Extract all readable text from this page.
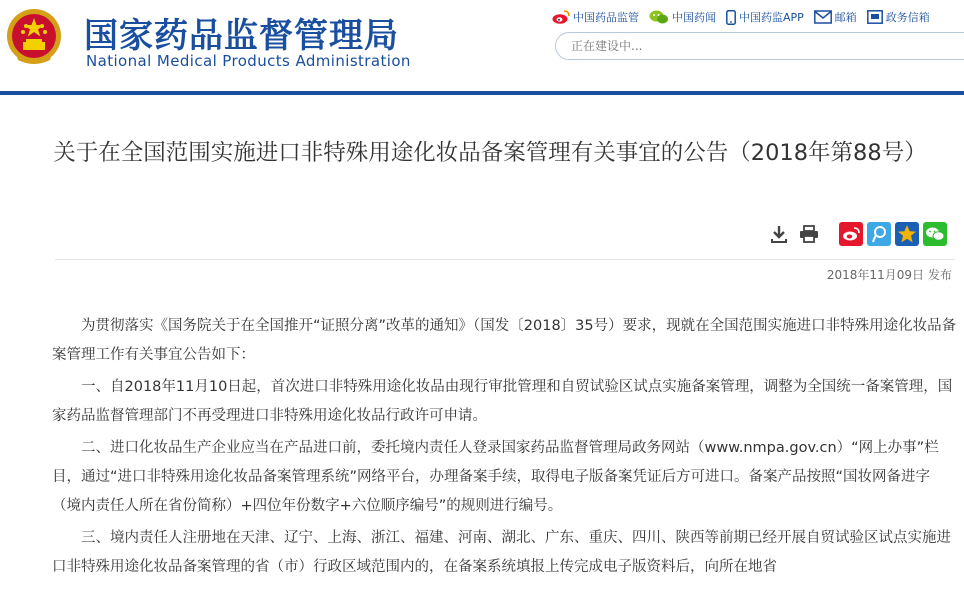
国家药品监督管理局
National Medical Products Administration
中国药品监管	中国药闻 中国药监APP	邮箱	政务信箱
正在建设中...
关于在全国范围实施进口非特殊用途化妆品备案管理有关事宜的公告（2018年第88号）
2018年11月09日 发布

为贯彻落实《国务院关于在全国推开“证照分离”改革的通知》（国发〔2018〕35号）要求，现就在全国范围实施进口非特殊用途化妆品备案管理工作有关事宜公告如下：

一、自2018年11月10日起，首次进口非特殊用途化妆品由现行审批管理和自贸试验区试点实施备案管理，调整为全国统一备案管理，国家药品监督管理部门不再受理进口非特殊用途化妆品行政许可申请。

二、进口化妆品生产企业应当在产品进口前，委托境内责任人登录国家药品监督管理局政务网站（www.nmpa.gov.cn）“网上办事”栏目，通过“进口非特殊用途化妆品备案管理系统”网络平台，办理备案手续，取得电子版备案凭证后方可进口。备案产品按照“国妆网备进字（境内责任人所在省份简称）+四位年份数字+六位顺序编号”的规则进行编号。

三、境内责任人注册地在天津、辽宁、上海、浙江、福建、河南、湖北、广东、重庆、四川、陕西等前期已经开展自贸试验区试点实施进口非特殊用途化妆品备案管理的省（市）行政区域范围内的，在备案系统填报上传完成电子版资料后，向所在地省
